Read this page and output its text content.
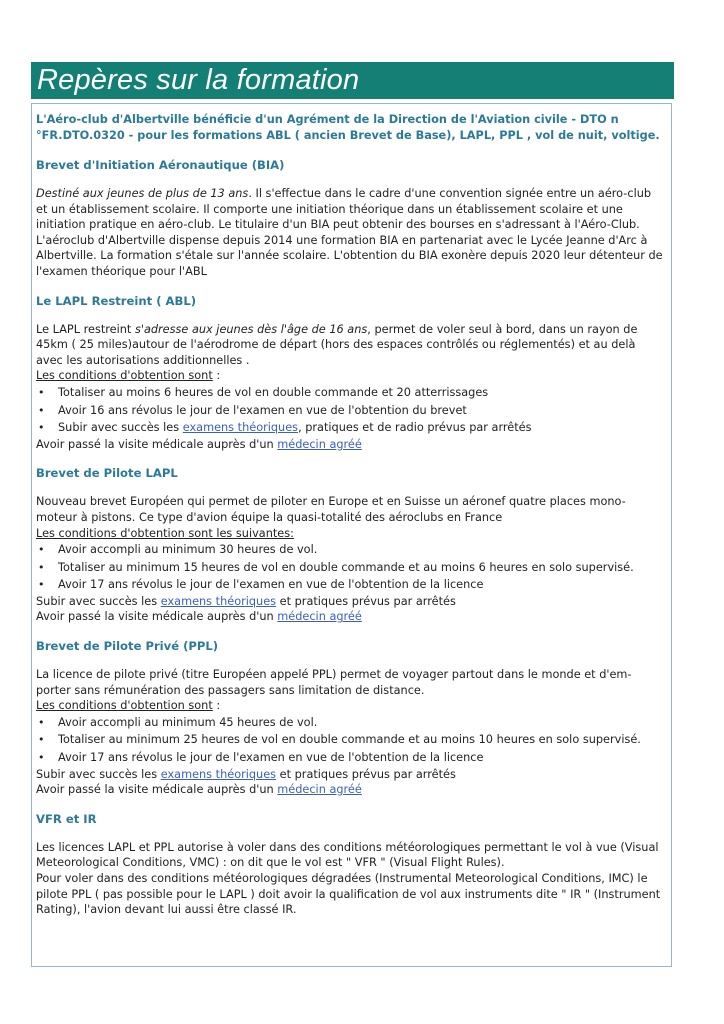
Repères sur la formation

L'Aéro-club d'Albertville bénéficie d'un Agrément de la Direction de l'Aviation civile - DTO n °FR.DTO.0320 - pour les formations ABL ( ancien Brevet de Base), LAPL, PPL , vol de nuit, voltige.

Brevet d'Initiation Aéronautique (BIA)

Destiné aux jeunes de plus de 13 ans. Il s'effectue dans le cadre d'une convention signée entre un aéro-club et un établissement scolaire. Il comporte une initiation théorique dans un établissement scolaire et une initiation pratique en aéro-club. Le titulaire d'un BIA peut obtenir des bourses en s'adressant à l'Aéro-Club. L'aéroclub d'Albertville dispense depuis 2014 une formation BIA en partenariat avec le Lycée Jeanne d'Arc à Albertville. La formation s'étale sur l'année scolaire. L'obtention du BIA exonère depuis 2020 leur détenteur de l'examen théorique pour l'ABL

Le LAPL Restreint ( ABL)

Le LAPL restreint s'adresse aux jeunes dès l'âge de 16 ans, permet de voler seul à bord, dans un rayon de 45km ( 25 miles)autour de l'aérodrome de départ (hors des espaces contrôlés ou réglementés) et au delà avec les autorisations additionnelles .

Les conditions d'obtention sont :

• Totaliser au moins 6 heures de vol en double commande et 20 atterrissages
• Avoir 16 ans révolus le jour de l'examen en vue de l'obtention du brevet
• Subir avec succès les examens théoriques, pratiques et de radio prévus par arrêtés

Avoir passé la visite médicale auprès d'un médecin agréé

Brevet de Pilote LAPL

Nouveau brevet Européen qui permet de piloter en Europe et en Suisse un aéronef quatre places mono-moteur à pistons. Ce type d'avion équipe la quasi-totalité des aéroclubs en France

Les conditions d'obtention sont les suivantes:

• Avoir accompli au minimum 30 heures de vol.
• Totaliser au minimum 15 heures de vol en double commande et au moins 6 heures en solo supervisé.
• Avoir 17 ans révolus le jour de l'examen en vue de l'obtention de la licence

Subir avec succès les examens théoriques et pratiques prévus par arrêtés

Avoir passé la visite médicale auprès d'un médecin agréé

Brevet de Pilote Privé (PPL)

La licence de pilote privé (titre Européen appelé PPL) permet de voyager partout dans le monde et d'em-porter sans rémunération des passagers sans limitation de distance.

Les conditions d'obtention sont :

• Avoir accompli au minimum 45 heures de vol.
• Totaliser au minimum 25 heures de vol en double commande et au moins 10 heures en solo supervisé.
• Avoir 17 ans révolus le jour de l'examen en vue de l'obtention de la licence

Subir avec succès les examens théoriques et pratiques prévus par arrêtés

Avoir passé la visite médicale auprès d'un médecin agréé

VFR et IR

Les licences LAPL et PPL autorise à voler dans des conditions météorologiques permettant le vol à vue (Visual Meteorological Conditions, VMC) : on dit que le vol est " VFR " (Visual Flight Rules).

Pour voler dans des conditions météorologiques dégradées (Instrumental Meteorological Conditions, IMC) le pilote PPL ( pas possible pour le LAPL ) doit avoir la qualification de vol aux instruments dite " IR " (Instrument Rating), l'avion devant lui aussi être classé IR.
